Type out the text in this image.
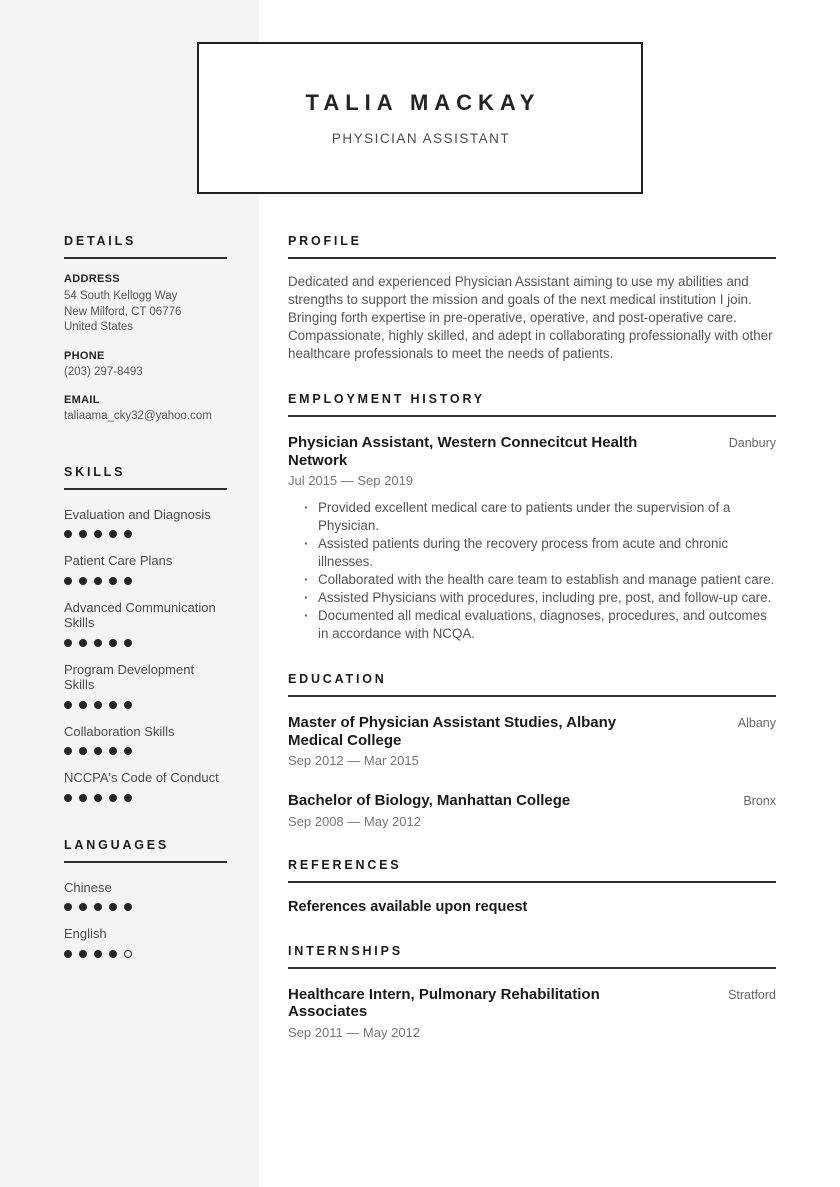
TALIA MACKAY
PHYSICIAN ASSISTANT
DETAILS
ADDRESS
54 South Kellogg Way
New Milford, CT 06776
United States
PHONE
(203) 297-8493
EMAIL
taliaama_cky32@yahoo.com
SKILLS
Evaluation and Diagnosis
Patient Care Plans
Advanced Communication Skills
Program Development Skills
Collaboration Skills
NCCPA's Code of Conduct
LANGUAGES
Chinese
English
PROFILE

Dedicated and experienced Physician Assistant aiming to use my abilities and strengths to support the mission and goals of the next medical institution I join. Bringing forth expertise in pre-operative, operative, and post-operative care. Compassionate, highly skilled, and adept in collaborating professionally with other healthcare professionals to meet the needs of patients.

EMPLOYMENT HISTORY
Physician Assistant, Western Connecitcut Health Network
Danbury
Jul 2015 — Sep 2019
· Provided excellent medical care to patients under the supervision of a Physician.
· Assisted patients during the recovery process from acute and chronic illnesses.
· Collaborated with the health care team to establish and manage patient care.
· Assisted Physicians with procedures, including pre, post, and follow-up care.
· Documented all medical evaluations, diagnoses, procedures, and outcomes in accordance with NCQA.
EDUCATION
Master of Physician Assistant Studies, Albany Medical College
Albany
Sep 2012 — Mar 2015
Bachelor of Biology, Manhattan College	Bronx
Sep 2008 — May 2012
REFERENCES

References available upon request

INTERNSHIPS
Healthcare Intern, Pulmonary Rehabilitation Associates
Stratford
Sep 2011 — May 2012
